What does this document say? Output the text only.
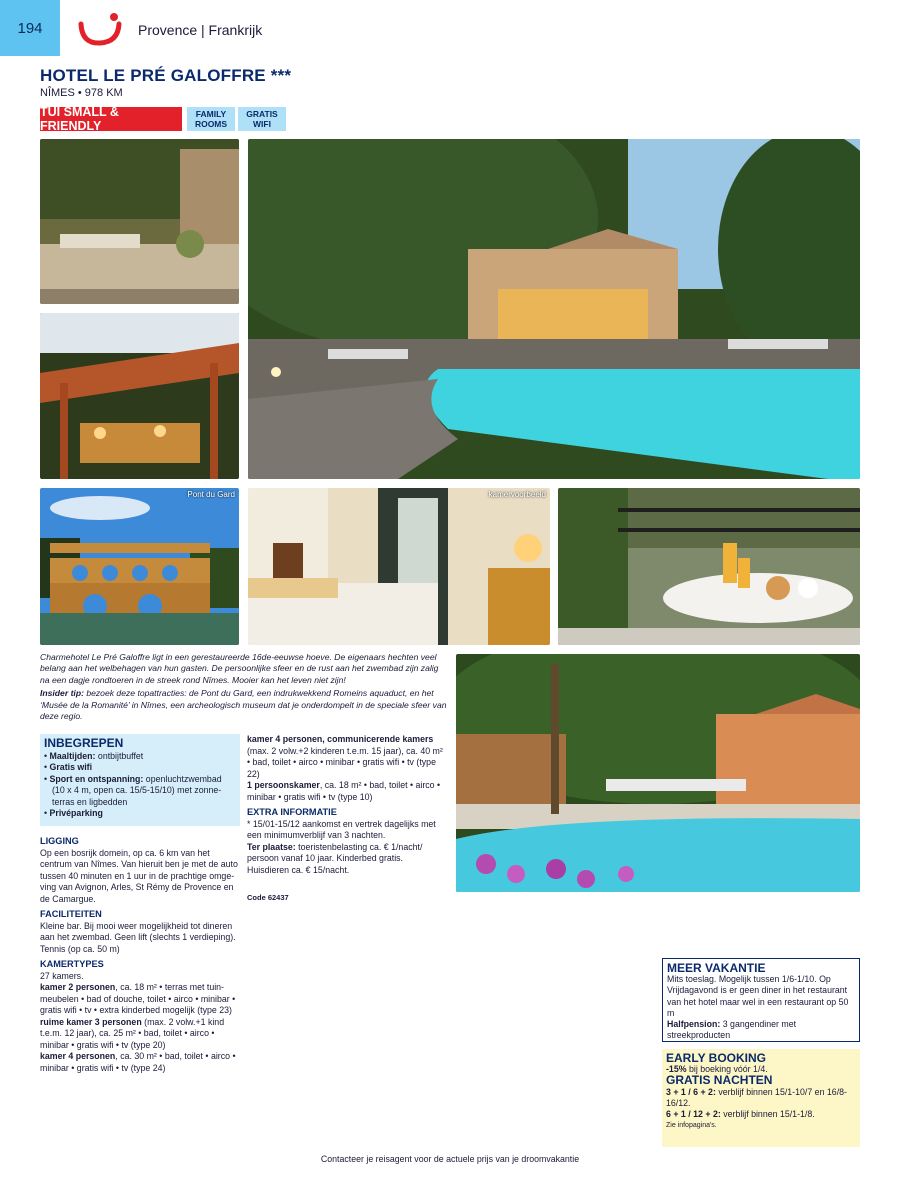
194	Provence | Frankrijk
HOTEL LE PRÉ GALOFFRE ***
NÎMES • 978 KM
TUI SMALL & FRIENDLY
FAMILY
ROOMS
GRATIS
WIFI
Pont du Gard	kamervoorbeeld

Charmehotel Le Pré Galoffre ligt in een gerestaureerde 16de-eeuwse hoeve. De eigenaars hechten veel belang aan het welbehagen van hun gasten. De persoonlijke sfeer en de rust aan het zwembad zijn zalig na een dagje rondtoeren in de streek rond Nîmes. Mooier kan het leven niet zijn!

Insider tip: bezoek deze topattracties: de Pont du Gard, een indrukwekkend Romeins aquaduct, en het ‘Musée de la Romanité’ in Nîmes, een archeologisch museum dat je onderdompelt in de speciale sfeer van deze regio.

INBEGREPEN
• Maaltijden: ontbijtbuffet
• Gratis wifi
• Sport en ontspanning: openluchtzwembad (10 x 4 m, open ca. 15/5-15/10) met zonne-terras en ligbedden
• Privéparking
LIGGING
Op een bosrijk domein, op ca. 6 km van het centrum van Nîmes. Van hieruit ben je met de auto tussen 40 minuten en 1 uur in de prachtige omge-ving van Avignon, Arles, St Rémy de Provence en de Camargue.
FACILITEITEN
Kleine bar. Bij mooi weer mogelijkheid tot dineren aan het zwembad. Geen lift (slechts 1 verdieping). Tennis (op ca. 50 m)
KAMERTYPES
27 kamers.
kamer 2 personen, ca. 18 m² • terras met tuin-meubelen • bad of douche, toilet • airco • minibar • gratis wifi • tv • extra kinderbed mogelijk (type 23)
ruime kamer 3 personen (max. 2 volw.+1 kind t.e.m. 12 jaar), ca. 25 m² • bad, toilet • airco • minibar • gratis wifi • tv (type 20)
kamer 4 personen, ca. 30 m² • bad, toilet • airco • minibar • gratis wifi • tv (type 24)
kamer 4 personen, communicerende kamers (max. 2 volw.+2 kinderen t.e.m. 15 jaar), ca. 40 m² • bad, toilet • airco • minibar • gratis wifi • tv (type 22)
1 persoonskamer, ca. 18 m² • bad, toilet • airco • minibar • gratis wifi • tv (type 10)
EXTRA INFORMATIE
* 15/01-15/12 aankomst en vertrek dagelijks met een minimumverblijf van 3 nachten.
Ter plaatse: toeristenbelasting ca. € 1/nacht/ persoon vanaf 10 jaar. Kinderbed gratis. Huisdieren ca. € 15/nacht.
Code 62437
MEER VAKANTIE
Mits toeslag. Mogelijk tussen 1/6-1/10. Op Vrijdagavond is er geen diner in het restaurant van het hotel maar wel in een restaurant op 50 m
Halfpension: 3 gangendiner met streekproducten
EARLY BOOKING
-15% bij boeking vóór 1/4.
GRATIS NACHTEN
3 + 1 / 6 + 2: verblijf binnen 15/1-10/7 en 16/8-16/12.
6 + 1 / 12 + 2: verblijf binnen 15/1-1/8.
Zie infopagina's.
Contacteer je reisagent voor de actuele prijs van je droomvakantie
